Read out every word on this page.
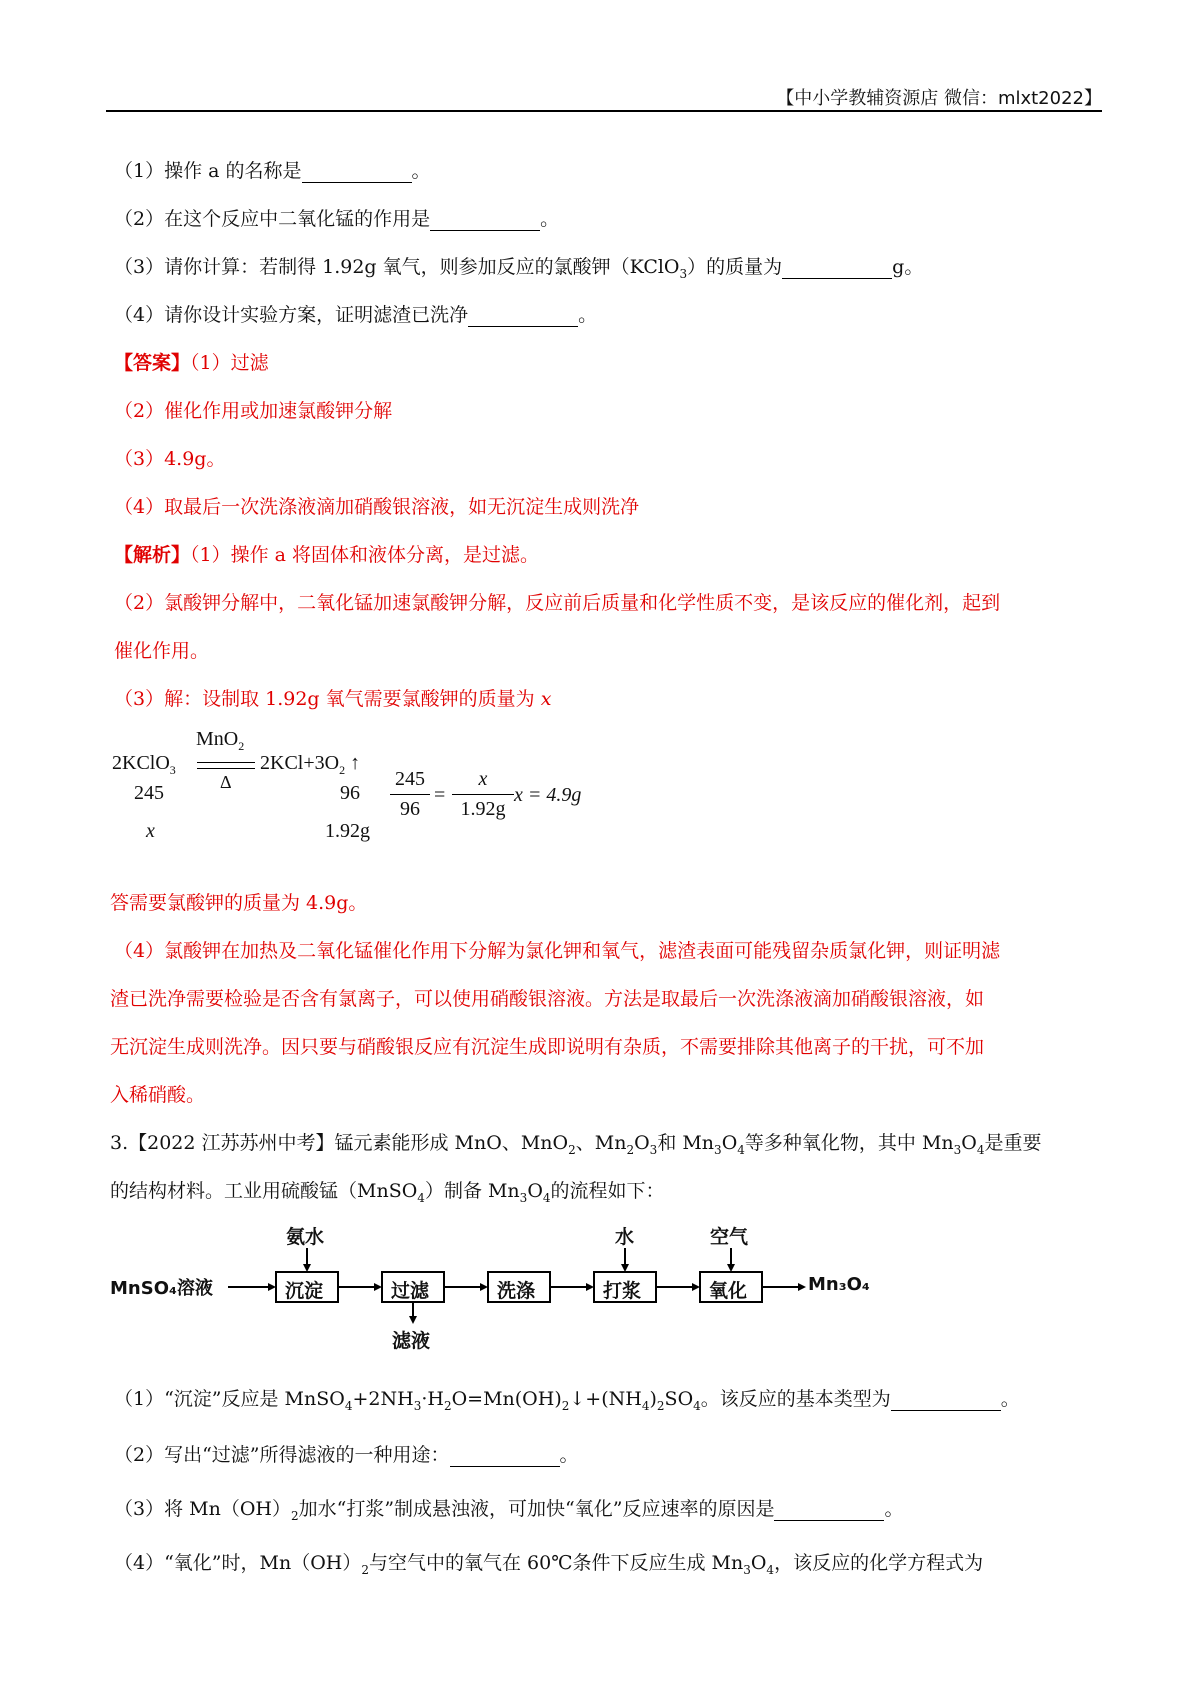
【中小学教辅资源店 微信：mlxt2022】
（1）操作 a 的名称是	。
（2）在这个反应中二氧化锰的作用是	。
（3）请你计算：若制得 1.92g 氧气，则参加反应的氯酸钾（KClO$_3$）的质量为	g。
（4）请你设计实验方案，证明滤渣已洗净	。
【答案】（1）过滤
（2）催化作用或加速氯酸钾分解
（3）4.9g。
（4）取最后一次洗涤液滴加硝酸银溶液，如无沉淀生成则洗净
【解析】（1）操作 a 将固体和液体分离，是过滤。
（2）氯酸钾分解中，二氧化锰加速氯酸钾分解，反应前后质量和化学性质不变，是该反应的催化剂，起到
催化作用。
（3）解：设制取 1.92g 氧气需要氯酸钾的质量为 x
MnO$_2$
2KClO$_3$
Δ
$2KCl+3O_2$ ↑
245	96
245
96
=
x
1.92g
x = 4.9g
x	1.92g
答需要氯酸钾的质量为 4.9g。
（4）氯酸钾在加热及二氧化锰催化作用下分解为氯化钾和氧气，滤渣表面可能残留杂质氯化钾，则证明滤
渣已洗净需要检验是否含有氯离子，可以使用硝酸银溶液。方法是取最后一次洗涤液滴加硝酸银溶液，如
无沉淀生成则洗净。因只要与硝酸银反应有沉淀生成即说明有杂质，不需要排除其他离子的干扰，可不加
入稀硝酸。
3.【2022 江苏苏州中考】锰元素能形成 MnO、MnO$_2$、$Mn_2O_3$和 $Mn_3O_4$等多种氧化物，其中 $Mn_3O_4$是重要
的结构材料。工业用硫酸锰（MnSO$_4$）制备 $Mn_3O_4$的流程如下：
MnSO₄溶液	沉淀	过滤	洗涤	打浆	氧化	Mn₃O₄
氨水	水	空气
滤液
（1）“沉淀”反应是 $MnSO_4+2NH_3\cdot H_2O=Mn(OH)_2↓+(NH_4)_2SO_4$。该反应的基本类型为	。
（2）写出“过滤”所得滤液的一种用途：	。
（3）将 $Mn(OH)_2$加水“打浆”制成悬浊液，可加快“氧化”反应速率的原因是	。
（4）“氧化”时，$Mn(OH)_2$与空气中的氧气在 60℃条件下反应生成 $Mn_3O_4$，该反应的化学方程式为
